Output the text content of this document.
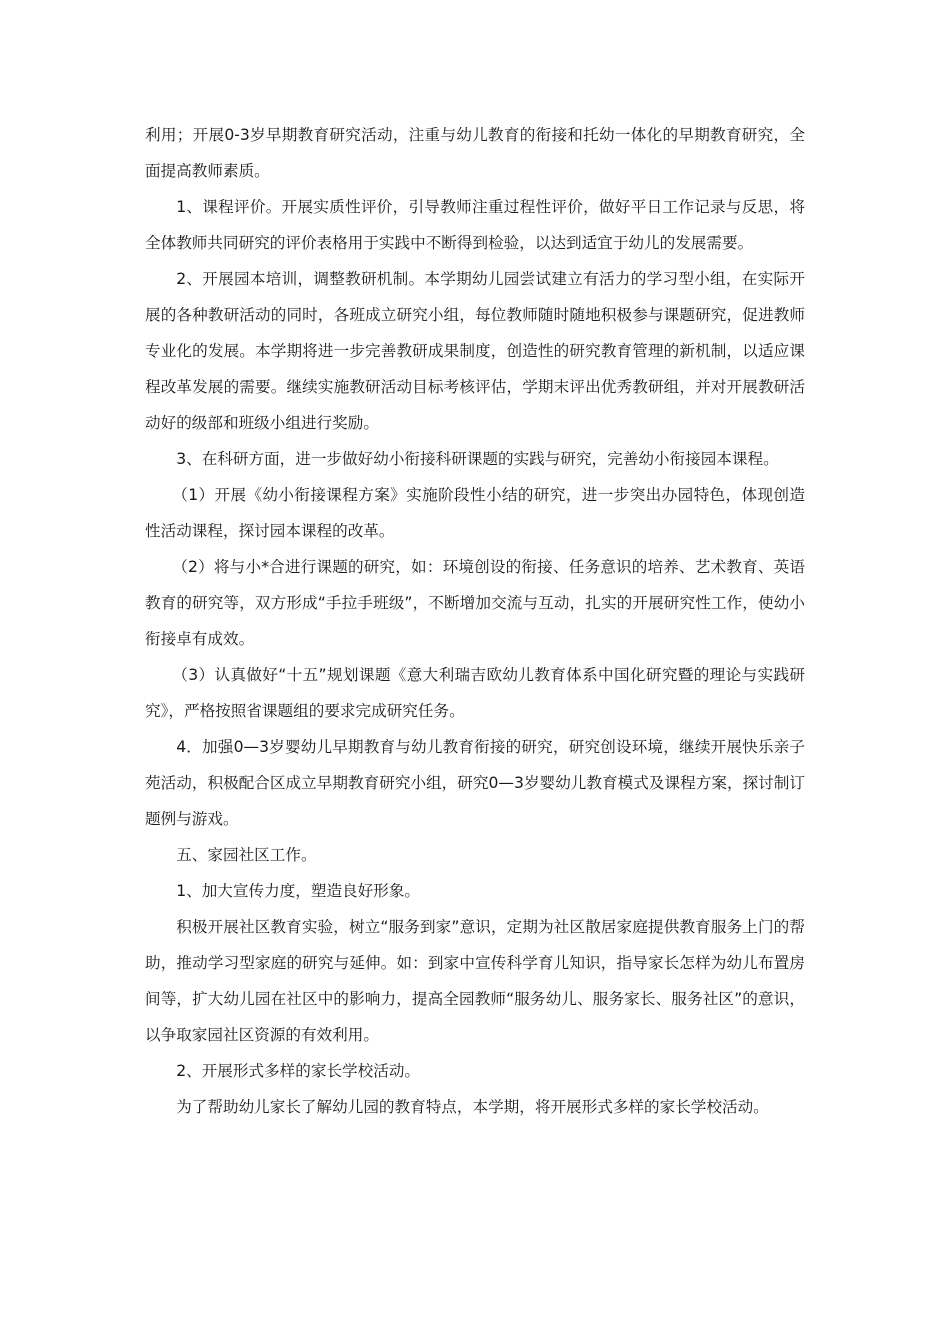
利用；开展0-3岁早期教育研究活动，注重与幼儿教育的衔接和托幼一体化的早期教育研究，全面提高教师素质。

1、课程评价。开展实质性评价，引导教师注重过程性评价，做好平日工作记录与反思，将全体教师共同研究的评价表格用于实践中不断得到检验，以达到适宜于幼儿的发展需要。

2、开展园本培训，调整教研机制。本学期幼儿园尝试建立有活力的学习型小组，在实际开展的各种教研活动的同时，各班成立研究小组，每位教师随时随地积极参与课题研究，促进教师专业化的发展。本学期将进一步完善教研成果制度，创造性的研究教育管理的新机制，以适应课程改革发展的需要。继续实施教研活动目标考核评估，学期末评出优秀教研组，并对开展教研活动好的级部和班级小组进行奖励。

3、在科研方面，进一步做好幼小衔接科研课题的实践与研究，完善幼小衔接园本课程。

（1）开展《幼小衔接课程方案》实施阶段性小结的研究，进一步突出办园特色，体现创造性活动课程，探讨园本课程的改革。

（2）将与小*合进行课题的研究，如：环境创设的衔接、任务意识的培养、艺术教育、英语教育的研究等，双方形成“手拉手班级”，不断增加交流与互动，扎实的开展研究性工作，使幼小衔接卓有成效。

（3）认真做好“十五”规划课题《意大利瑞吉欧幼儿教育体系中国化研究暨的理论与实践研究》，严格按照省课题组的要求完成研究任务。

4．加强0—3岁婴幼儿早期教育与幼儿教育衔接的研究，研究创设环境，继续开展快乐亲子苑活动，积极配合区成立早期教育研究小组，研究0—3岁婴幼儿教育模式及课程方案，探讨制订题例与游戏。

五、家园社区工作。

1、加大宣传力度，塑造良好形象。

积极开展社区教育实验，树立“服务到家”意识，定期为社区散居家庭提供教育服务上门的帮助，推动学习型家庭的研究与延伸。如：到家中宣传科学育儿知识，指导家长怎样为幼儿布置房间等，扩大幼儿园在社区中的影响力，提高全园教师“服务幼儿、服务家长、服务社区”的意识，以争取家园社区资源的有效利用。

2、开展形式多样的家长学校活动。

为了帮助幼儿家长了解幼儿园的教育特点，本学期，将开展形式多样的家长学校活动。
